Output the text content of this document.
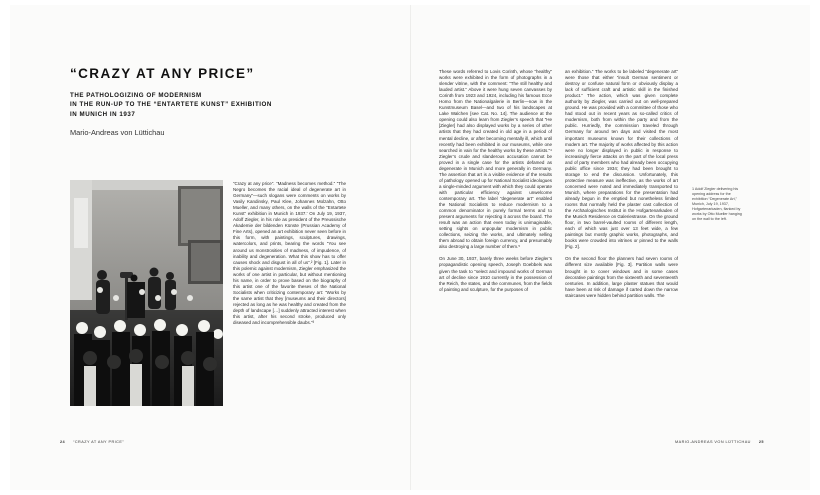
“CRAZY AT ANY PRICE”
THE PATHOLOGIZING OF MODERNISM
IN THE RUN-UP TO THE “ENTARTETE KUNST” EXHIBITION
IN MUNICH IN 1937
Mario-Andreas von Lüttichau

“Crazy at any price”. “Madness becomes method.” “The Negro becomes the racial ideal of degenerate art in Germany”—such slogans were comments on works by Vasily Kandinsky, Paul Klee, Johannes Molzahn, Otto Mueller, and many others, on the walls of the “Entartete Kunst” exhibition in Munich in 1937.' On July 19, 1937, Adolf Ziegler, in his role as president of the Preussische Akademie der bildenden Künste (Prussian Academy of Fine Arts), opened an art exhibition never seen before in this form, with paintings, sculptures, drawings, watercolors, and prints, bearing the words “You see around us monstrosities of madness, of impudence, of inability and degeneration. What this show has to offer causes shock and disgust in all of us”.² [Fig. 1]. Later in this polemic against modernism, Ziegler emphasized the works of one artist in particular, but without mentioning his name, in order to prove based on the biography of this artist one of the favorite theses of the National Socialists when criticizing contemporary art: “Works by the same artist that they [museums and their directors] rejected as long as he was healthy and created from the depth of landscape […] suddenly attracted interest when this artist, after his second stroke, produced only diseased and incomprehensible daubs.”³

These words referred to Lovis Corinth, whose “healthy” works were exhibited in the form of photographs in a slender vitrine, with the comment: “The still healthy and lauded artist.” Above it were hung seven canvasses by Corinth from 1923 and 1924, including his famous Ecce Homo from the Nationalgalerie in Berlin—now in the Kunstmuseum Basel—and two of his landscapes at Lake Walchen [see Cat. No. 14]. The audience at the opening could also learn from Ziegler’s speech that “He [Ziegler] had also displayed works by a series of other artists that they had created in old age in a period of mental decline, or after becoming mentally ill, which until recently had been exhibited in our museums, while one searched in vain for the healthy works by these artists.”⁴ Ziegler’s crude and slanderous accusation cannot be proved in a single case for the artists defamed as degenerate in Munich and more generally in Germany. The assertion that art is a visible evidence of the results of pathology opened up for National Socialist ideologues a single-minded argument with which they could operate with particular efficiency against unwelcome contemporary art. The label “degenerate art” enabled the National Socialists to reduce modernism to a common denominator in purely formal terms and to present arguments for rejecting it across the board. The result was an action that even today is unimaginable, setting sights on unpopular modernism in public collections, seizing the works, and ultimately selling them abroad to obtain foreign currency, and presumably also destroying a large number of them.⁵

On June 30, 1937, barely three weeks before Ziegler’s propagandistic opening speech, Joseph Goebbels was given the task to “select and impound works of German art of decline since 1910 currently in the possession of the Reich, the states, and the communes, from the fields of painting and sculpture, for the purposes of

an exhibition.” The works to be labeled “degenerate art” were those that either “insult German sentiment or destroy or confuse natural form or obviously display a lack of sufficient craft and artistic skill in the finished product.” The action, which was given complete authority by Ziegler, was carried out on well-prepared ground. He was provided with a committee of those who had stood out in recent years as so-called critics of modernism, both from within the party and from the public. Hurriedly, the commission traveled through Germany for around ten days and visited the most important museums known for their collections of modern art. The majority of works affected by this action were no longer displayed in public in response to increasingly fierce attacks on the part of the local press and of party members who had already been occupying public office since 1934; they had been brought to storage to end the discussion. Unfortunately, this protective measure was ineffective, as the works of art concerned were noted and immediately transported to Munich, where preparations for the presentation had already begun in the emptied but nonetheless limited rooms that normally held the plaster cast collection of the Archäologisches Institut in the Hofgartenarkaden of the Munich Residence on Galeriestrasse. On the ground floor, in two barrel-vaulted rooms of different length, each of which was just over 13 feet wide, a few paintings but mostly graphic works, photographs, and books were crowded into vitrines or pinned to the walls [Fig. 2].

On the second floor the planners had seven rooms of different size available [Fig. 3]. Partition walls were brought in to cover windows and in some cases decorative paintings from the sixteenth and seventeenth centuries. In addition, large plaster statues that would have been at risk of damage if carted down the narrow staircases were hidden behind partition walls. The

1 Adolf Ziegler delivering his opening address for the exhibition “Degenerate Art,” Munich, July 19, 1937, Hofgartenarkaden, flanked by works by Otto Mueller hanging on the wall to the left.
24 “CRAZY AT ANY PRICE”	MARIO-ANDREAS VON LÜTTICHAU 25
